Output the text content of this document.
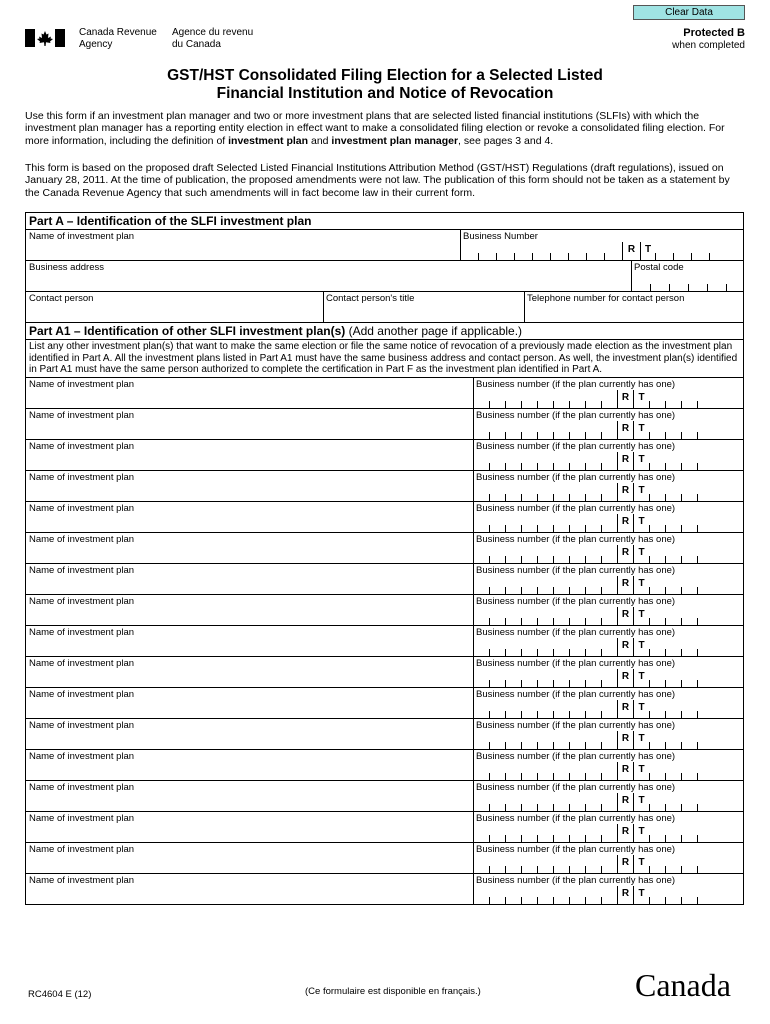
Clear Data
Canada Revenue
Agency
Agence du revenu
du Canada
Protected B
when completed
GST/HST Consolidated Filing Election for a Selected Listed
Financial Institution and Notice of Revocation
Use this form if an investment plan manager and two or more investment plans that are selected listed financial institutions (SLFIs) with which the investment plan manager has a reporting entity election in effect want to make a consolidated filing election or revoke a consolidated filing election. For more information, including the definition of investment plan and investment plan manager, see pages 3 and 4.
This form is based on the proposed draft Selected Listed Financial Institutions Attribution Method (GST/HST) Regulations (draft regulations), issued on January 28, 2011. At the time of publication, the proposed amendments were not law. The publication of this form should not be taken as a statement by the Canada Revenue Agency that such amendments will in fact become law in their current form.
Part A – Identification of the SLFI investment plan
Name of investment plan	Business Number
R T
Business address	Postal code
Contact person	Contact person's title	Telephone number for contact person
Part A1 – Identification of other SLFI investment plan(s) (Add another page if applicable.)
List any other investment plan(s) that want to make the same election or file the same notice of revocation of a previously made election as the investment plan identified in Part A. All the investment plans listed in Part A1 must have the same business address and contact person. As well, the investment plan(s) identified in Part A1 must have the same person authorized to complete the certification in Part F as the investment plan identified in Part A.
Name of investment plan	Business number (if the plan currently has one)
R T
Name of investment plan	Business number (if the plan currently has one)
R T
Name of investment plan	Business number (if the plan currently has one)
R T
Name of investment plan	Business number (if the plan currently has one)
R T
Name of investment plan	Business number (if the plan currently has one)
R T
Name of investment plan	Business number (if the plan currently has one)
R T
Name of investment plan	Business number (if the plan currently has one)
R T
Name of investment plan	Business number (if the plan currently has one)
R T
Name of investment plan	Business number (if the plan currently has one)
R T
Name of investment plan	Business number (if the plan currently has one)
R T
Name of investment plan	Business number (if the plan currently has one)
R T
Name of investment plan	Business number (if the plan currently has one)
R T
Name of investment plan	Business number (if the plan currently has one)
R T
Name of investment plan	Business number (if the plan currently has one)
R T
Name of investment plan	Business number (if the plan currently has one)
R T
Name of investment plan	Business number (if the plan currently has one)
R T
Name of investment plan	Business number (if the plan currently has one)
R T
RC4604 E (12)	(Ce formulaire est disponible en français.)	Canada
